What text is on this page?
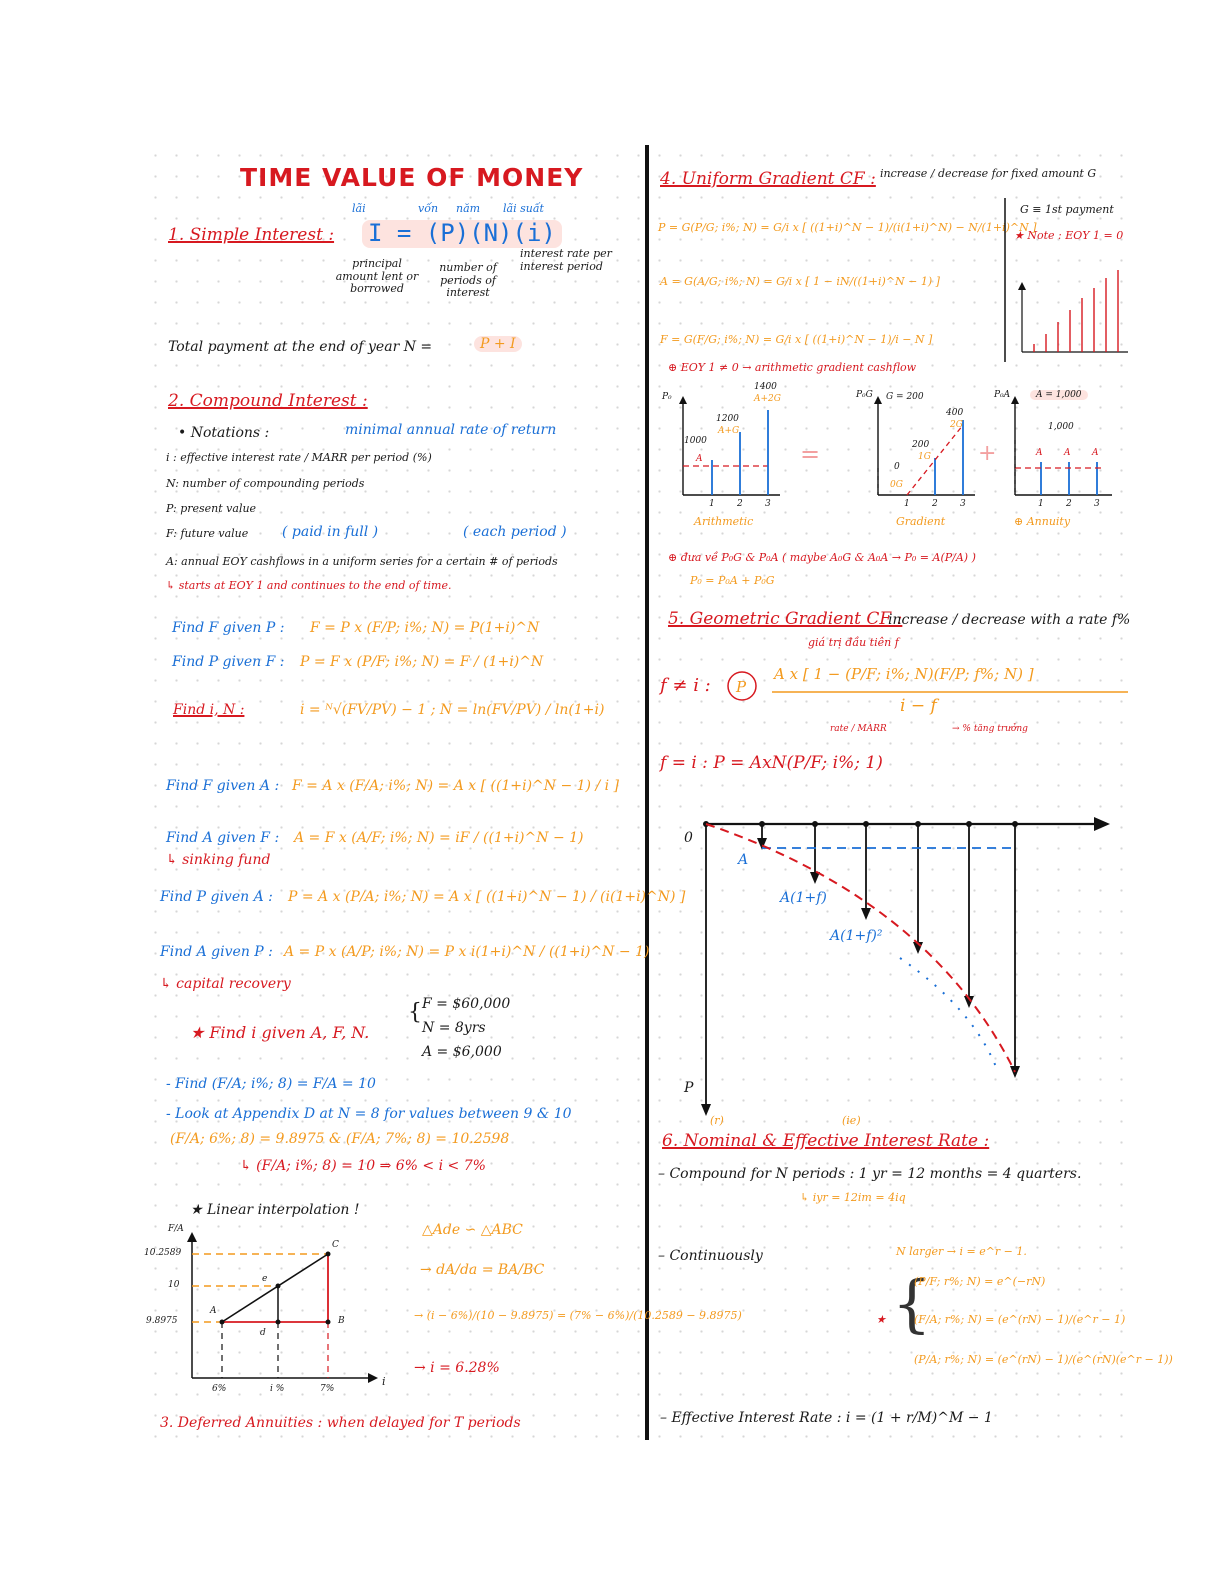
TIME VALUE OF MONEY
1. Simple Interest :
lãi	vốn năm lãi suất
I = (P)(N)(i)
principal amount lent or borrowed
number of periods of interest
interest rate per interest period
Total payment at the end of year N =	P + I
2. Compound Interest :
• Notations :	minimal annual rate of return
i : effective interest rate / MARR per period (%)
N: number of compounding periods
P: present value
F: future value ( paid in full )	( each period )
A: annual EOY cashflows in a uniform series for a certain # of periods
↳ starts at EOY 1 and continues to the end of time.
Find F given P : F = P x (F/P; i%; N) = P(1+i)^N
Find P given F : P = F x (P/F; i%; N) = F / (1+i)^N
Find i, N :	i = ᴺ√(FV/PV) − 1 ; N = ln(FV/PV) / ln(1+i)
Find F given A : F = A x (F/A; i%; N) = A x [ ((1+i)^N − 1) / i ]
Find A given F : A = F x (A/F; i%; N) = iF / ((1+i)^N − 1)
↳ sinking fund
Find P given A : P = A x (P/A; i%; N) = A x [ ((1+i)^N − 1) / (i(1+i)^N) ]
Find A given P : A = P x (A/P; i%; N) = P x i(1+i)^N / ((1+i)^N − 1)
↳ capital recovery
★ Find i given A, F, N.
{ F = $60,000
N = 8yrs
A = $6,000
- Find (F/A; i%; 8) = F/A = 10
- Look at Appendix D at N = 8 for values between 9 & 10
(F/A; 6%; 8) = 9.8975 & (F/A; 7%; 8) = 10.2598
↳ (F/A; i%; 8) = 10 ⇒ 6% < i < 7%
★ Linear interpolation !
F/A
10.2589
10
9.8975
6%	i %	7%
i
A
B
C
d
e
△Ade ∽ △ABC
→ dA/da = BA/BC
→ (i − 6%)/(10 − 9.8975) = (7% − 6%)/(10.2589 − 9.8975)
→ i = 6.28%
3. Deferred Annuities : when delayed for T periods
4. Uniform Gradient CF : increase / decrease for fixed amount G
P = G(P/G; i%; N) = G/i x [ ((1+i)^N − 1)/(i(1+i)^N) − N/(1+i)^N ]
A = G(A/G; i%; N) = G/i x [ 1 − iN/((1+i)^N − 1) ]
F = G(F/G; i%; N) = G/i x [ ((1+i)^N − 1)/i − N ]
G ≡ 1st payment
★ Note : EOY 1 = 0
⊕ EOY 1 ≠ 0 → arithmetic gradient cashflow
=	+
P₀	P₀G	P₀A
A
A+G
A+2G
1000
1200
1400
G = 200
0G
1G
2G
0
200
400
A = 1,000
1,000
A A A
1 2 3	1 2 3	1 2 3
Arithmetic	Gradient	⊕ Annuity
⊕ đưa về P₀G & P₀A ( maybe A₀G & A₀A → P₀ = A(P/A) )
P₀ = P₀A + P₀G
5. Geometric Gradient CF :
increase / decrease with a rate f%
giá trị đầu tiên f
f ≠ i : P
A x [ 1 − (P/F; i%; N)(F/P; f%; N) ]
i − f
rate / MARR	→ % tăng trưởng
f = i : P = AxN(P/F; i%; 1)
0
A
A(1+f)
A(1+f)²
P
(r)	(ie)
6. Nominal & Effective Interest Rate :
– Compound for N periods : 1 yr = 12 months = 4 quarters.
↳ iyr = 12im = 4iq
– Continuously	N larger → i = e^r − 1.
{
★
(P/F; r%; N) = e^(−rN)
(F/A; r%; N) = (e^(rN) − 1)/(e^r − 1)
(P/A; r%; N) = (e^(rN) − 1)/(e^(rN)(e^r − 1))
– Effective Interest Rate : i = (1 + r/M)^M − 1
